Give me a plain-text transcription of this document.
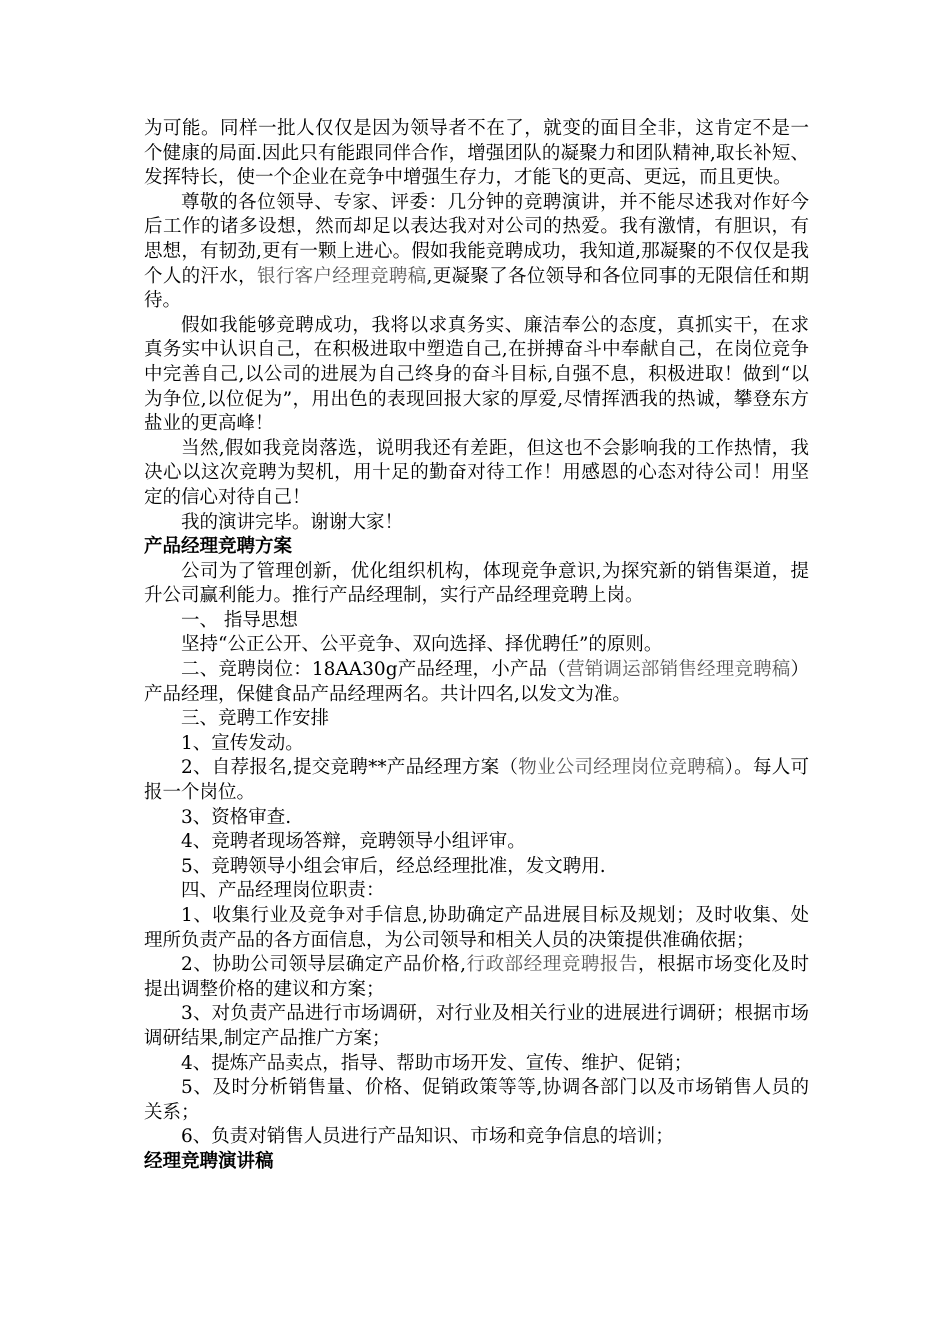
为可能。同样一批人仅仅是因为领导者不在了，就变的面目全非，这肯定不是一个健康的局面.因此只有能跟同伴合作，增强团队的凝聚力和团队精神,取长补短、发挥特长，使一个企业在竞争中增强生存力，才能飞的更高、更远，而且更快。

尊敬的各位领导、专家、评委：几分钟的竞聘演讲，并不能尽述我对作好今后工作的诸多设想，然而却足以表达我对对公司的热爱。我有激情，有胆识，有思想，有韧劲,更有一颗上进心。假如我能竞聘成功，我知道,那凝聚的不仅仅是我个人的汗水，银行客户经理竞聘稿,更凝聚了各位领导和各位同事的无限信任和期待。

假如我能够竞聘成功，我将以求真务实、廉洁奉公的态度，真抓实干，在求真务实中认识自己，在积极进取中塑造自己,在拼搏奋斗中奉献自己，在岗位竞争中完善自己,以公司的进展为自己终身的奋斗目标,自强不息，积极进取！做到“以为争位,以位促为”，用出色的表现回报大家的厚爱,尽情挥洒我的热诚，攀登东方盐业的更高峰！

当然,假如我竞岗落选，说明我还有差距，但这也不会影响我的工作热情，我决心以这次竞聘为契机，用十足的勤奋对待工作！用感恩的心态对待公司！用坚定的信心对待自己！

我的演讲完毕。谢谢大家！

产品经理竞聘方案

公司为了管理创新，优化组织机构，体现竞争意识,为探究新的销售渠道，提升公司赢利能力。推行产品经理制，实行产品经理竞聘上岗。

一、 指导思想

坚持“公正公开、公平竞争、双向选择、择优聘任”的原则。

二、竞聘岗位：18AA30g产品经理，小产品（营销调运部销售经理竞聘稿）产品经理，保健食品产品经理两名。共计四名,以发文为准。

三、竞聘工作安排

1、宣传发动。

2、自荐报名,提交竞聘**产品经理方案（物业公司经理岗位竞聘稿）。每人可报一个岗位。

3、资格审查.

4、竞聘者现场答辩，竞聘领导小组评审。

5、竞聘领导小组会审后，经总经理批准，发文聘用.

四、产品经理岗位职责：

1、收集行业及竞争对手信息,协助确定产品进展目标及规划；及时收集、处理所负责产品的各方面信息，为公司领导和相关人员的决策提供准确依据；

2、协助公司领导层确定产品价格,行政部经理竞聘报告，根据市场变化及时提出调整价格的建议和方案；

3、对负责产品进行市场调研，对行业及相关行业的进展进行调研；根据市场调研结果,制定产品推广方案；

4、提炼产品卖点，指导、帮助市场开发、宣传、维护、促销；

5、及时分析销售量、价格、促销政策等等,协调各部门以及市场销售人员的关系；

6、负责对销售人员进行产品知识、市场和竞争信息的培训；

经理竞聘演讲稿
